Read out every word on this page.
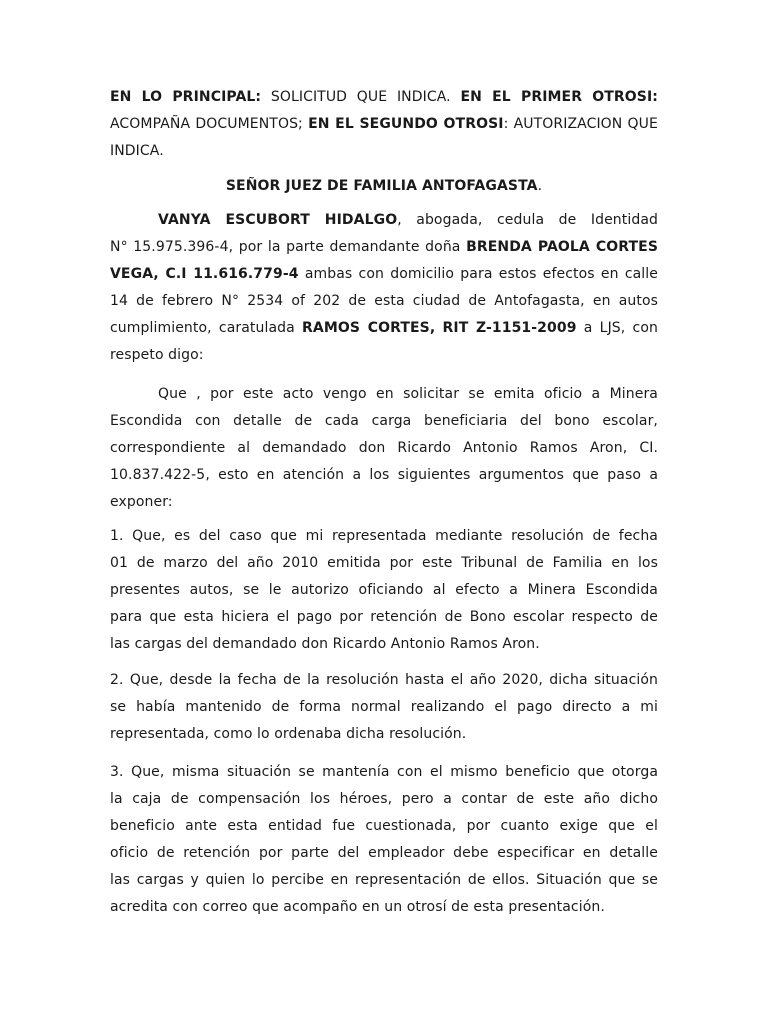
EN LO PRINCIPAL: SOLICITUD QUE INDICA. EN EL PRIMER OTROSI:
ACOMPAÑA DOCUMENTOS; EN EL SEGUNDO OTROSI: AUTORIZACION QUE
INDICA.
SEÑOR JUEZ DE FAMILIA ANTOFAGASTA.
VANYA ESCUBORT HIDALGO, abogada, cedula de Identidad
N° 15.975.396-4, por la parte demandante doña BRENDA PAOLA CORTES
VEGA, C.I 11.616.779-4 ambas con domicilio para estos efectos en calle
14 de febrero N° 2534 of 202 de esta ciudad de Antofagasta, en autos
cumplimiento, caratulada RAMOS CORTES, RIT Z-1151-2009 a LJS, con
respeto digo:
Que , por este acto vengo en solicitar se emita oficio a Minera
Escondida con detalle de cada carga beneficiaria del bono escolar,
correspondiente al demandado don Ricardo Antonio Ramos Aron, CI.
10.837.422-5, esto en atención a los siguientes argumentos que paso a
exponer:
1. Que, es del caso que mi representada mediante resolución de fecha
01 de marzo del año 2010 emitida por este Tribunal de Familia en los
presentes autos, se le autorizo oficiando al efecto a Minera Escondida
para que esta hiciera el pago por retención de Bono escolar respecto de
las cargas del demandado don Ricardo Antonio Ramos Aron.
2. Que, desde la fecha de la resolución hasta el año 2020, dicha situación
se había mantenido de forma normal realizando el pago directo a mi
representada, como lo ordenaba dicha resolución.
3. Que, misma situación se mantenía con el mismo beneficio que otorga
la caja de compensación los héroes, pero a contar de este año dicho
beneficio ante esta entidad fue cuestionada, por cuanto exige que el
oficio de retención por parte del empleador debe especificar en detalle
las cargas y quien lo percibe en representación de ellos. Situación que se
acredita con correo que acompaño en un otrosí de esta presentación.
